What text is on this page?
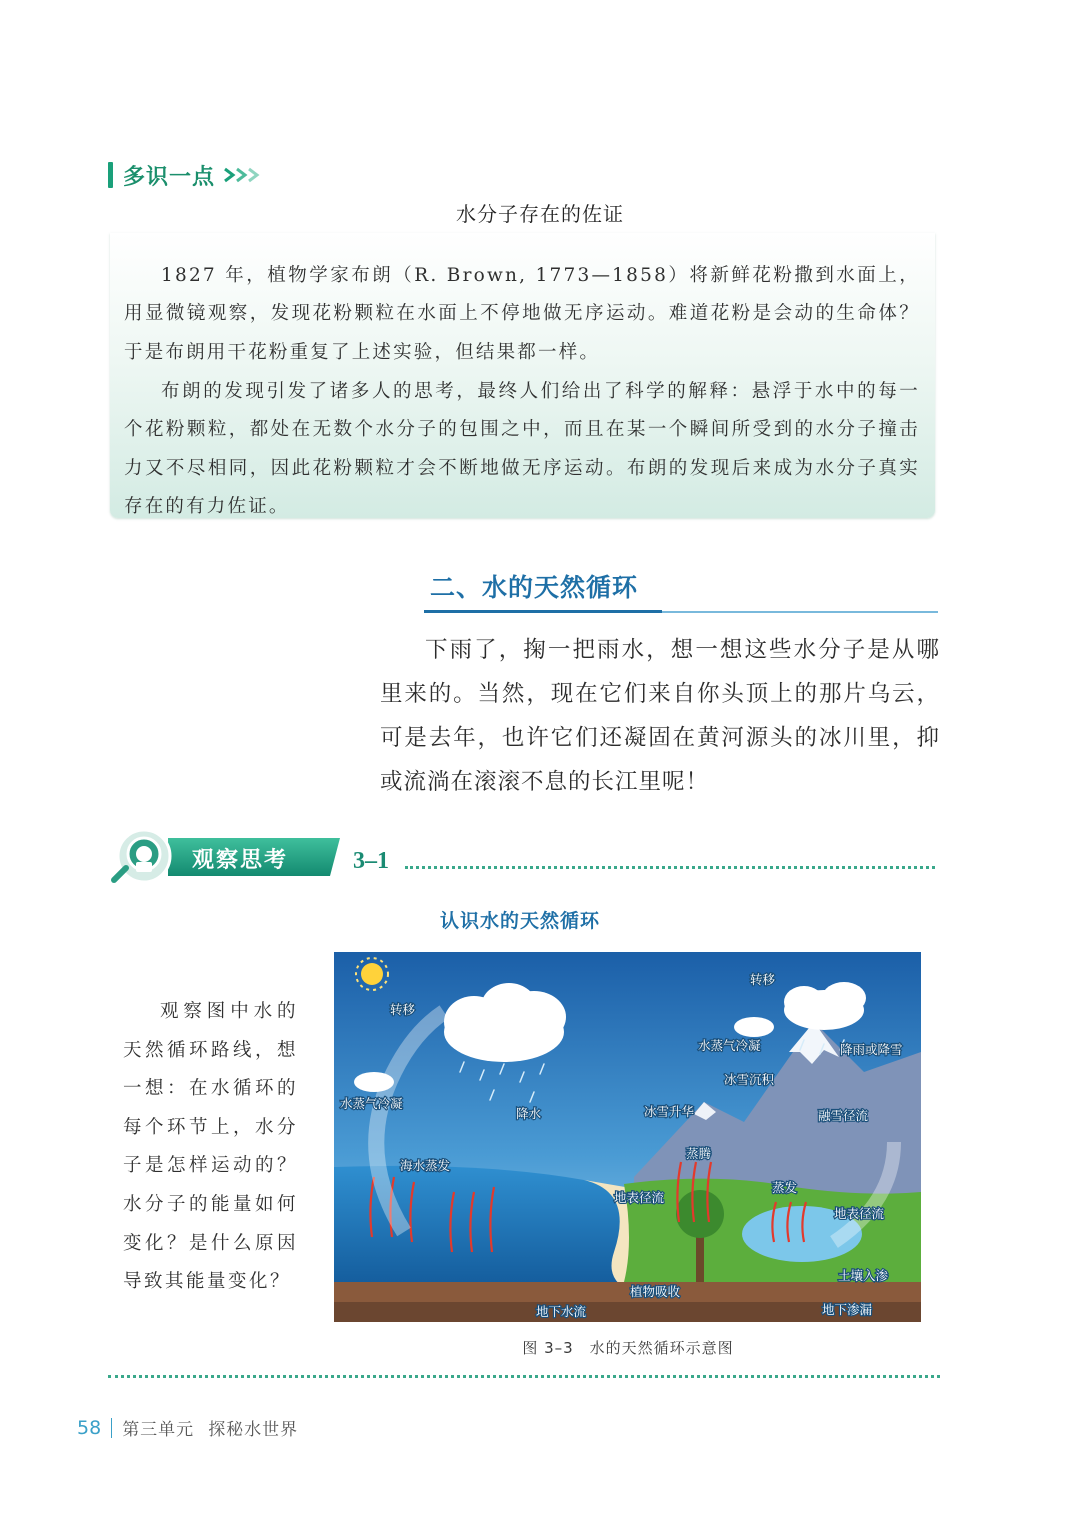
多识一点
水分子存在的佐证

1827 年，植物学家布朗（R. Brown, 1773—1858）将新鲜花粉撒到水面上，用显微镜观察，发现花粉颗粒在水面上不停地做无序运动。难道花粉是会动的生命体？于是布朗用干花粉重复了上述实验，但结果都一样。

布朗的发现引发了诸多人的思考，最终人们给出了科学的解释：悬浮于水中的每一个花粉颗粒，都处在无数个水分子的包围之中，而且在某一个瞬间所受到的水分子撞击力又不尽相同，因此花粉颗粒才会不断地做无序运动。布朗的发现后来成为水分子真实存在的有力佐证。

二、水的天然循环

下雨了，掬一把雨水，想一想这些水分子是从哪里来的。当然，现在它们来自你头顶上的那片乌云，可是去年，也许它们还凝固在黄河源头的冰川里，抑或流淌在滚滚不息的长江里呢！

观察思考	3–1
认识水的天然循环

观察图中水的天然循环路线，想一想：在水循环的每个环节上，水分子是怎样运动的？水分子的能量如何变化？是什么原因导致其能量变化？

转移
转移
水蒸气冷凝
水蒸气冷凝
降水
降雨或降雪
冰雪沉积
冰雪升华	融雪径流
海水蒸发
蒸腾
地表径流
蒸发
地表径流
土壤入渗
植物吸收
地下水流	地下渗漏
图 3–3　水的天然循环示意图
58 第三单元 探秘水世界
